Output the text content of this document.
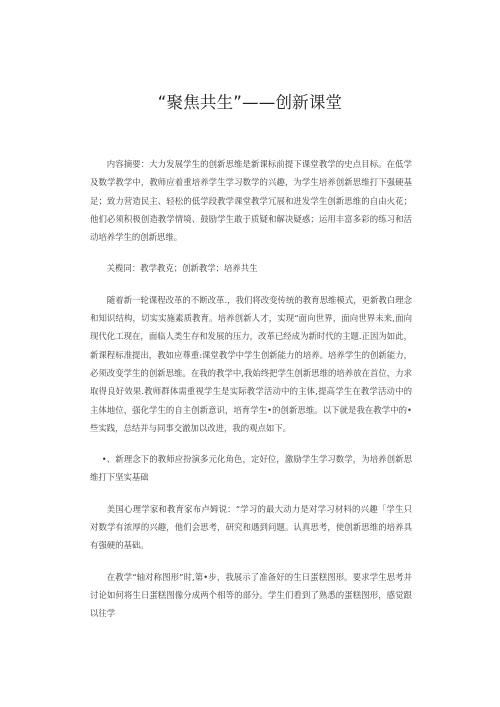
“聚焦共生”——创新课堂

内容摘要：大力发展学生的创新思维是新课标前提下课堂教学的史点目标。在低学及数学教学中，教师应着重培养学生学习数学的兴趣，为学生培养创新思维打下强硬基足；致力营造民主、轻松的低学段教学课堂教学冗展和进发学生创新思维的自由火花；他们必须积极创造教学情境、鼓励学生敢于质疑和解决疑惑；运用丰富多彩的练习和活动培养学生的创新思维。

关榄同：教学教克；创新教学；培养共生

随着新一轮课程改革的不断改革.，我们将改变传统的教育思维模式，更新教白理念和知识结构，切实实施素质教育。培养创新人才，实现“面向世界，面向世界未来,面向现代化工现在，面临人类生存和发展的压力，改革已经成为新时代的主题.正因为如此，新课程标准提出，教如应尊重:课堂教学中学生创新能力的培养。培养学生的创新能力，必须改变学生的创新思维。在我的教学中,我始终把学生创新思维的培养放在首位，力求取得良好效果.教师群体需重视学生是实际教学活动中的主体,提高学生在教学活动中的主体地位，强化学生的自主创新意识，培育学生•的创新思维。以下就是我在教学中的•些实践，总结并与同事交澈加以改进，我的观点如下。

•、新理念下的教师应扮演多元化角色，定好位，激励学生学习数学，为培养创新思维打下坚实基础

美国心理学家和教育家布卢姆说：“学习的最大动力是对学习材料的兴趣「学生只对数学有浓厚的兴趣，他们会思考，研究和遇到问题。认真思考，使创新思维的培养具有强硬的基础。

在教学“轴对称图形”时,第•步，我展示了准备好的生日蛋糕图形。要求学生思考并讨论如何将生日蛋糕图像分成两个相等的部分。学生们看到了熟悉的蛋糕图形，感觉跟以往学
